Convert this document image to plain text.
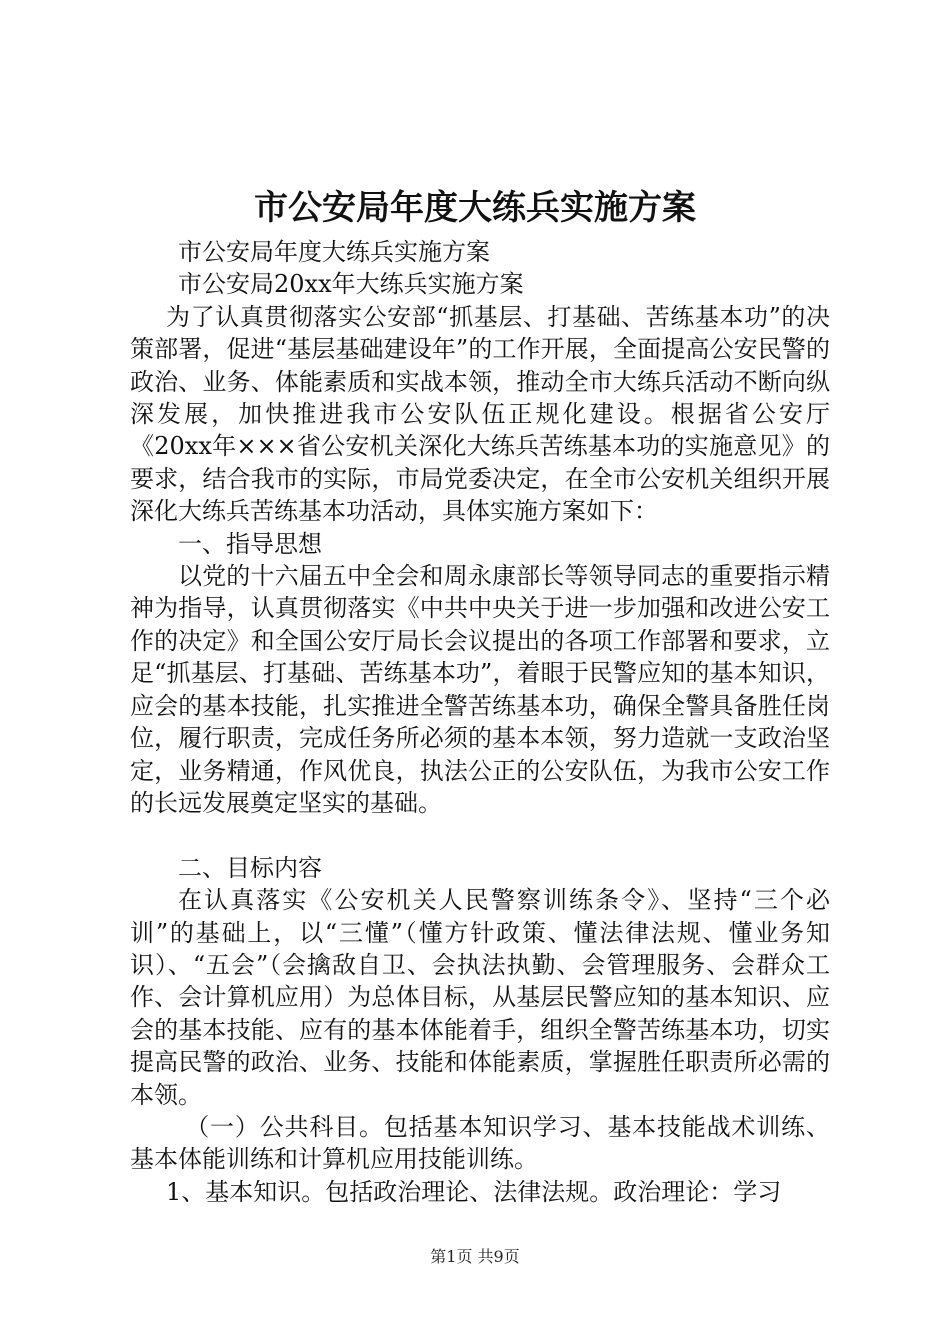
市公安局年度大练兵实施方案

市公安局年度大练兵实施方案

市公安局20xx年大练兵实施方案

为了认真贯彻落实公安部“抓基层、打基础、苦练基本功”的决策部署，促进“基层基础建设年”的工作开展，全面提高公安民警的政治、业务、体能素质和实战本领，推动全市大练兵活动不断向纵深发展，加快推进我市公安队伍正规化建设。根据省公安厅《20xx年×××省公安机关深化大练兵苦练基本功的实施意见》的要求，结合我市的实际，市局党委决定，在全市公安机关组织开展深化大练兵苦练基本功活动，具体实施方案如下：

一、指导思想

以党的十六届五中全会和周永康部长等领导同志的重要指示精神为指导，认真贯彻落实《中共中央关于进一步加强和改进公安工作的决定》和全国公安厅局长会议提出的各项工作部署和要求，立足“抓基层、打基础、苦练基本功”，着眼于民警应知的基本知识，应会的基本技能，扎实推进全警苦练基本功，确保全警具备胜任岗位，履行职责，完成任务所必须的基本本领，努力造就一支政治坚定，业务精通，作风优良，执法公正的公安队伍，为我市公安工作的长远发展奠定坚实的基础。

二、目标内容

在认真落实《公安机关人民警察训练条令》、坚持“三个必训”的基础上，以“三懂”（懂方针政策、懂法律法规、懂业务知识）、“五会”（会擒敌自卫、会执法执勤、会管理服务、会群众工作、会计算机应用）为总体目标，从基层民警应知的基本知识、应会的基本技能、应有的基本体能着手，组织全警苦练基本功，切实提高民警的政治、业务、技能和体能素质，掌握胜任职责所必需的本领。

（一）公共科目。包括基本知识学习、基本技能战术训练、基本体能训练和计算机应用技能训练。

1、基本知识。包括政治理论、法律法规。政治理论：学习

第1页 共9页
